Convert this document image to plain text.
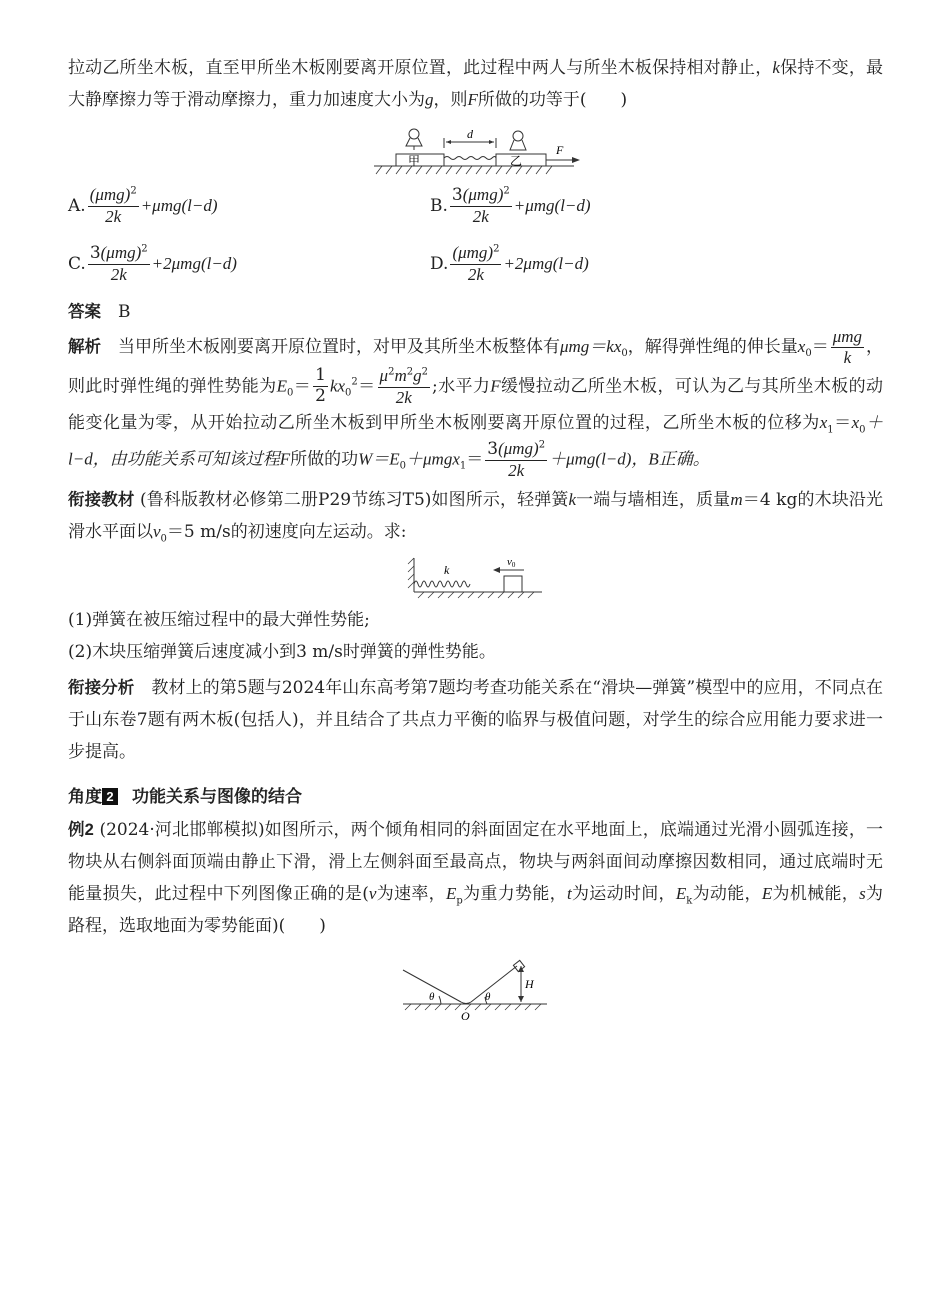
拉动乙所坐木板，直至甲所坐木板刚要离开原位置，此过程中两人与所坐木板保持相对静止，k保持不变，最大静摩擦力等于滑动摩擦力，重力加速度大小为g，则F所做的功等于(　　)

甲	乙
d
F
A. $\frac{(\mu mg)^2}{2k} +\mu mg(l-d)$	B. $\frac{3(\mu mg)^2}{2k} +\mu mg(l-d)$
C. $\frac{3(\mu mg)^2}{2k} +2\mu mg(l-d)$	D. $\frac{(\mu mg)^2}{2k} +2\mu mg(l-d)$

答案　 B

解析　 当甲所坐木板刚要离开原位置时，对甲及其所坐木板整体有$\mu mg=kx_0$，解得弹性绳的伸长量$x_0= \frac{\text{μmg}}{k}$ ，则此时弹性绳的弹性势能为$E_0= \frac{1}{2} kx_0^2= \frac{\mu^2m^2g^2}{2k}$ ;水平力F缓慢拉动乙所坐木板，可认为乙与其所坐木板的动能变化量为零，从开始拉动乙所坐木板到甲所坐木板刚要离开原位置的过程，乙所坐木板的位移为$x_1=x_0+l-d$，由功能关系可知该过程F所做的功$W=E_0+\mu mgx_1= \frac{3(\mu mg)^2}{2k} +\mu mg(l-d)$，B正确。

衔接教材 (鲁科版教材必修第二册P29节练习T5)如图所示，轻弹簧k一端与墙相连，质量m＝4 kg的木块沿光滑水平面以$v_0=5$ m/s的初速度向左运动。求:

k
v0

(1)弹簧在被压缩过程中的最大弹性势能;

(2)木块压缩弹簧后速度减小到3 m/s时弹簧的弹性势能。

衔接分析　 教材上的第5题与2024年山东高考第7题均考查功能关系在“滑块—弹簧”模型中的应用，不同点在于山东卷7题有两木板(包括人)，并且结合了共点力平衡的临界与极值问题，对学生的综合应用能力要求进一步提高。

角度 2 功能关系与图像的结合

例2 (2024·河北邯郸模拟)如图所示，两个倾角相同的斜面固定在水平地面上，底端通过光滑小圆弧连接，一物块从右侧斜面顶端由静止下滑，滑上左侧斜面至最高点，物块与两斜面间动摩擦因数相同，通过底端时无能量损失，此过程中下列图像正确的是(v为速率，$E_p$为重力势能，t为运动时间，$E_k$为动能，E为机械能，s为路程，选取地面为零势能面)(　　)

θ	θ
H
O
